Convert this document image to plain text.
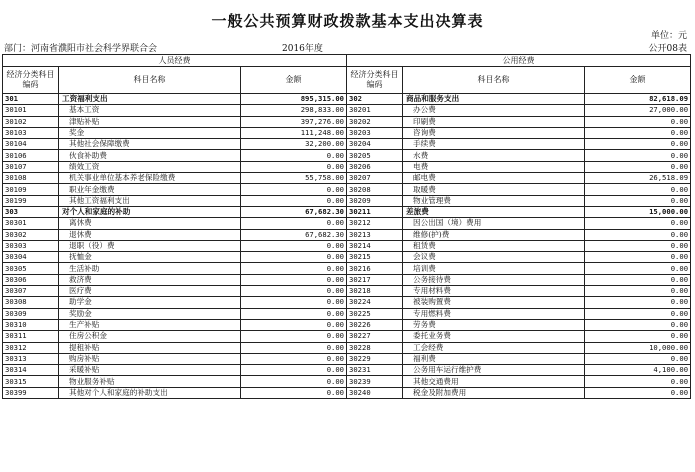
一般公共预算财政拨款基本支出决算表
单位：元
部门：河南省濮阳市社会科学界联合会	2016年度	公开08表
人员经费			公用经费		
经济分类科目编码	科目名称	金额	经济分类科目编码	科目名称	金额
301	工资福利支出	895,315.00	302	商品和服务支出	82,618.09
30101	基本工资	298,833.00	30201	办公费	27,000.00
30102	津贴补贴	397,276.00	30202	印刷费	0.00
30103	奖金	111,248.00	30203	咨询费	0.00
30104	其他社会保障缴费	32,200.00	30204	手续费	0.00
30106	伙食补助费	0.00	30205	水费	0.00
30107	绩效工资	0.00	30206	电费	0.00
30108	机关事业单位基本养老保险缴费	55,758.00	30207	邮电费	26,518.09
30109	职业年金缴费	0.00	30208	取暖费	0.00
30199	其他工资福利支出	0.00	30209	物业管理费	0.00
303	对个人和家庭的补助	67,682.30	30211	差旅费	15,000.00
30301	离休费	0.00	30212	因公出国（境）费用	0.00
30302	退休费	67,682.30	30213	维修(护)费	0.00
30303	退职（役）费	0.00	30214	租赁费	0.00
30304	抚恤金	0.00	30215	会议费	0.00
30305	生活补助	0.00	30216	培训费	0.00
30306	救济费	0.00	30217	公务接待费	0.00
30307	医疗费	0.00	30218	专用材料费	0.00
30308	助学金	0.00	30224	被装购置费	0.00
30309	奖励金	0.00	30225	专用燃料费	0.00
30310	生产补贴	0.00	30226	劳务费	0.00
30311	住房公积金	0.00	30227	委托业务费	0.00
30312	提租补贴	0.00	30228	工会经费	10,000.00
30313	购房补贴	0.00	30229	福利费	0.00
30314	采暖补贴	0.00	30231	公务用车运行维护费	4,100.00
30315	物业服务补贴	0.00	30239	其他交通费用	0.00
30399	其他对个人和家庭的补助支出	0.00	30240	税金及附加费用	0.00
